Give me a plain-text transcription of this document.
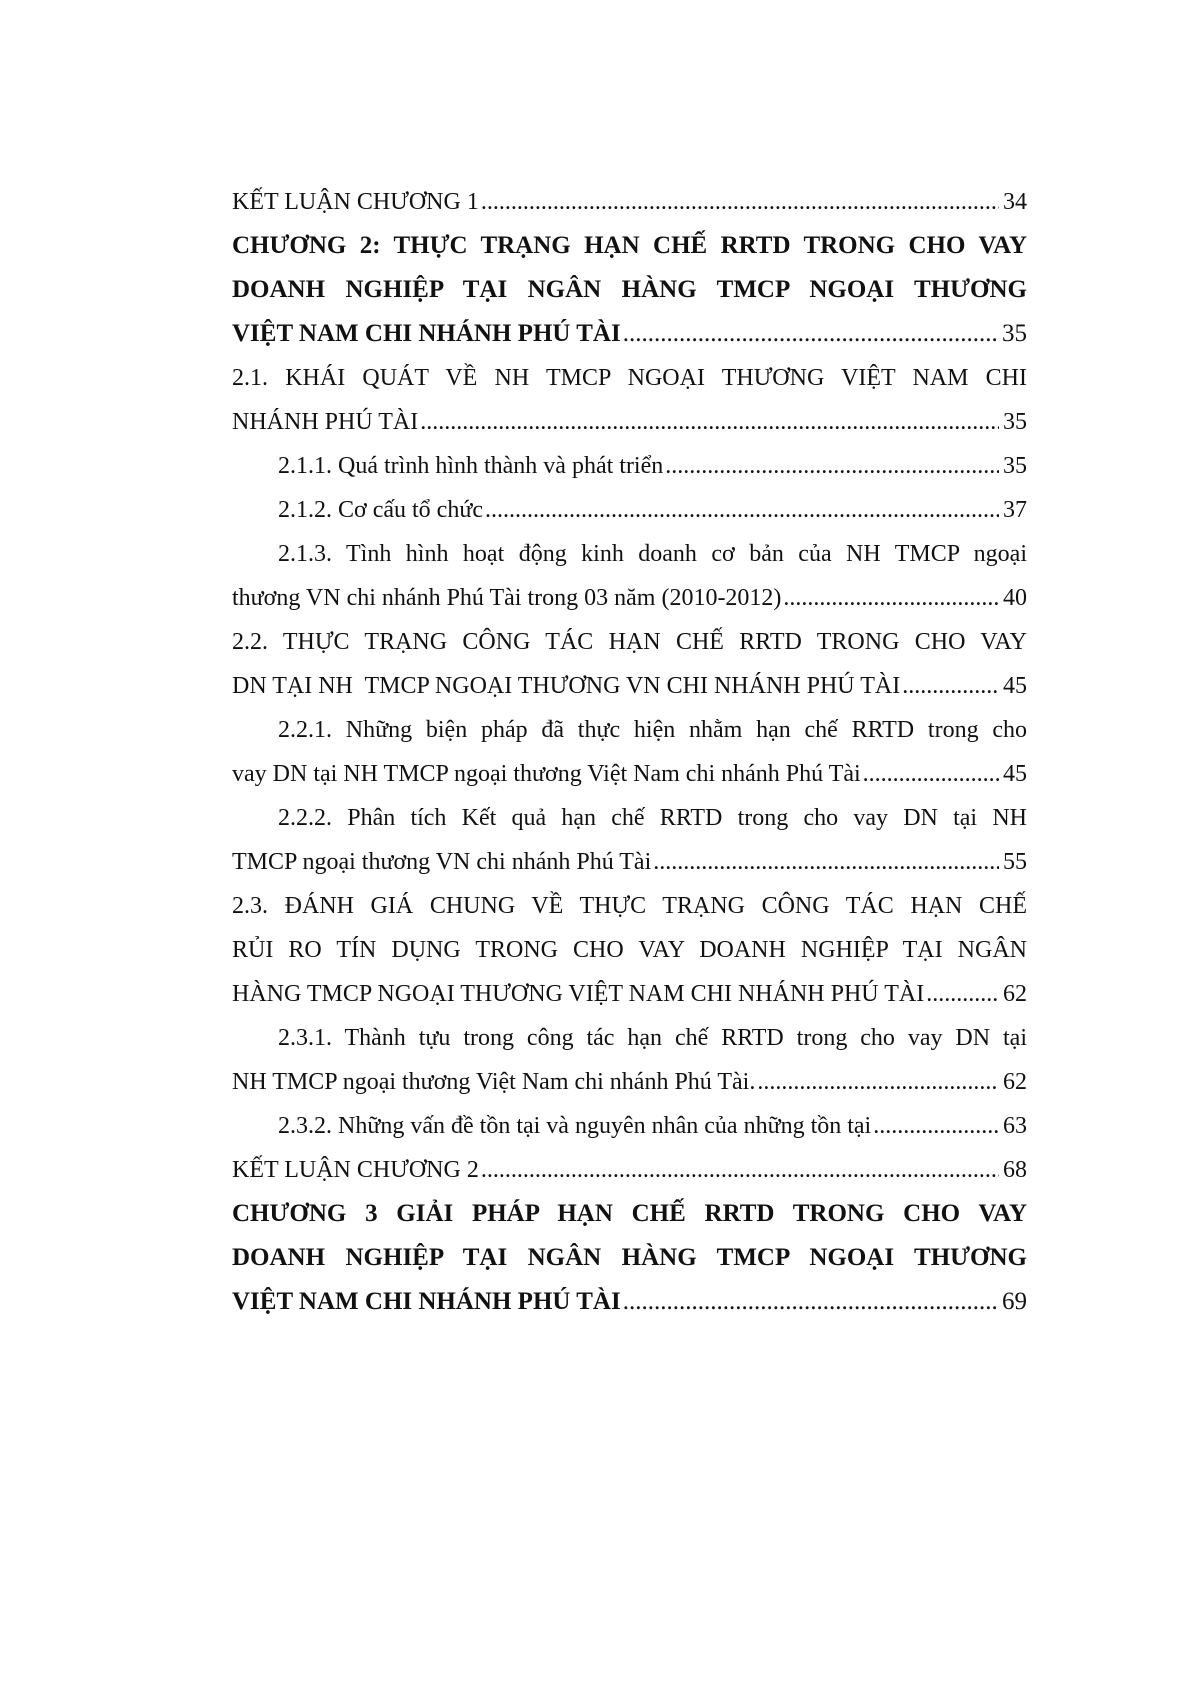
KẾT LUẬN CHƯƠNG 1 .....	34
CHƯƠNG 2: THỰC TRẠNG HẠN CHẾ RRTD TRONG CHO VAY
DOANH NGHIỆP TẠI NGÂN HÀNG TMCP NGOẠI THƯƠNG
VIỆT NAM CHI NHÁNH PHÚ TÀI .....	35
2.1. KHÁI QUÁT VỀ NH TMCP NGOẠI THƯƠNG VIỆT NAM CHI
NHÁNH PHÚ TÀI .....	35
2.1.1. Quá trình hình thành và phát triển .....	35
2.1.2. Cơ cấu tổ chức .....	37
2.1.3. Tình hình hoạt động kinh doanh cơ bản của NH TMCP ngoại
thương VN chi nhánh Phú Tài trong 03 năm (2010-2012) .....	40
2.2. THỰC TRẠNG CÔNG TÁC HẠN CHẾ RRTD TRONG CHO VAY
DN TẠI NH  TMCP NGOẠI THƯƠNG VN CHI NHÁNH PHÚ TÀI .....	45
2.2.1. Những biện pháp đã thực hiện nhằm hạn chế RRTD trong cho
vay DN tại NH TMCP ngoại thương Việt Nam chi nhánh Phú Tài .....	45
2.2.2. Phân tích Kết quả hạn chế RRTD trong cho vay DN tại NH
TMCP ngoại thương VN chi nhánh Phú Tài .....	55
2.3. ĐÁNH GIÁ CHUNG VỀ THỰC TRẠNG CÔNG TÁC HẠN CHẾ
RỦI RO TÍN DỤNG TRONG CHO VAY DOANH NGHIỆP TẠI NGÂN
HÀNG TMCP NGOẠI THƯƠNG VIỆT NAM CHI NHÁNH PHÚ TÀI .....	62
2.3.1. Thành tựu trong công tác hạn chế RRTD trong cho vay DN tại
NH TMCP ngoại thương Việt Nam chi nhánh Phú Tài. .....	62
2.3.2. Những vấn đề tồn tại và nguyên nhân của những tồn tại .....	63
KẾT LUẬN CHƯƠNG 2 .....	68
CHƯƠNG 3 GIẢI PHÁP HẠN CHẾ RRTD TRONG CHO VAY
DOANH NGHIỆP TẠI NGÂN HÀNG TMCP NGOẠI THƯƠNG
VIỆT NAM CHI NHÁNH PHÚ TÀI .....	69
